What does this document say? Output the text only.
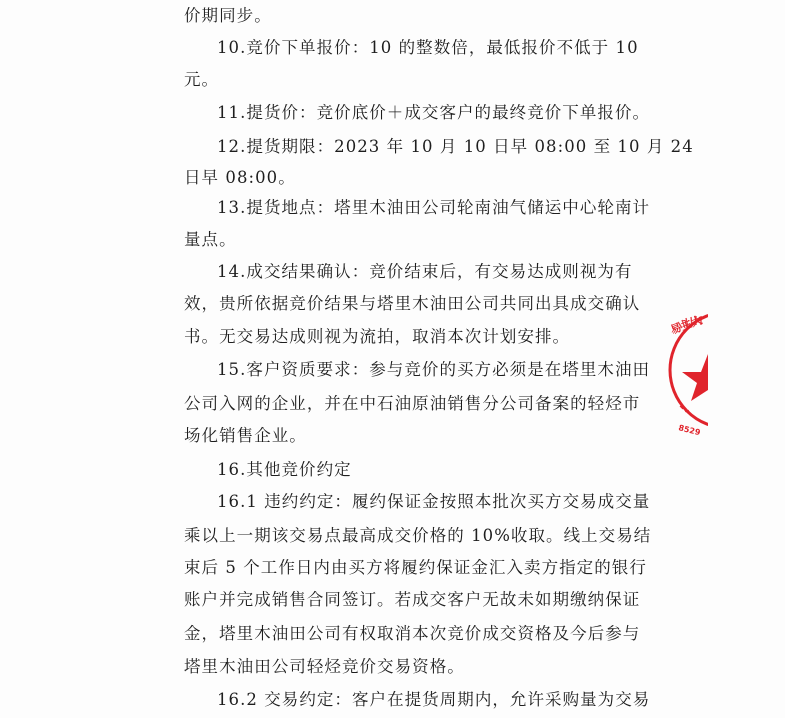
价期同步。
10.竞价下单报价：10 的整数倍，最低报价不低于 10
元。
11.提货价：竞价底价＋成交客户的最终竞价下单报价。
12.提货期限：2023 年 10 月 10 日早 08:00 至 10 月 24
日早 08:00。
13.提货地点：塔里木油田公司轮南油气储运中心轮南计
量点。
14.成交结果确认：竞价结束后，有交易达成则视为有
效，贵所依据竞价结果与塔里木油田公司共同出具成交确认
书。无交易达成则视为流拍，取消本次计划安排。
15.客户资质要求：参与竞价的买方必须是在塔里木油田
公司入网的企业，并在中石油原油销售分公司备案的轻烃市
场化销售企业。
16.其他竞价约定
16.1 违约约定：履约保证金按照本批次买方交易成交量
乘以上一期该交易点最高成交价格的 10%收取。线上交易结
束后 5 个工作日内由买方将履约保证金汇入卖方指定的银行
账户并完成销售合同签订。若成交客户无故未如期缴纳保证
金，塔里木油田公司有权取消本次竞价成交资格及今后参与
塔里木油田公司轻烃竞价交易资格。
16.2 交易约定：客户在提货周期内，允许采购量为交易
易主大
8529
